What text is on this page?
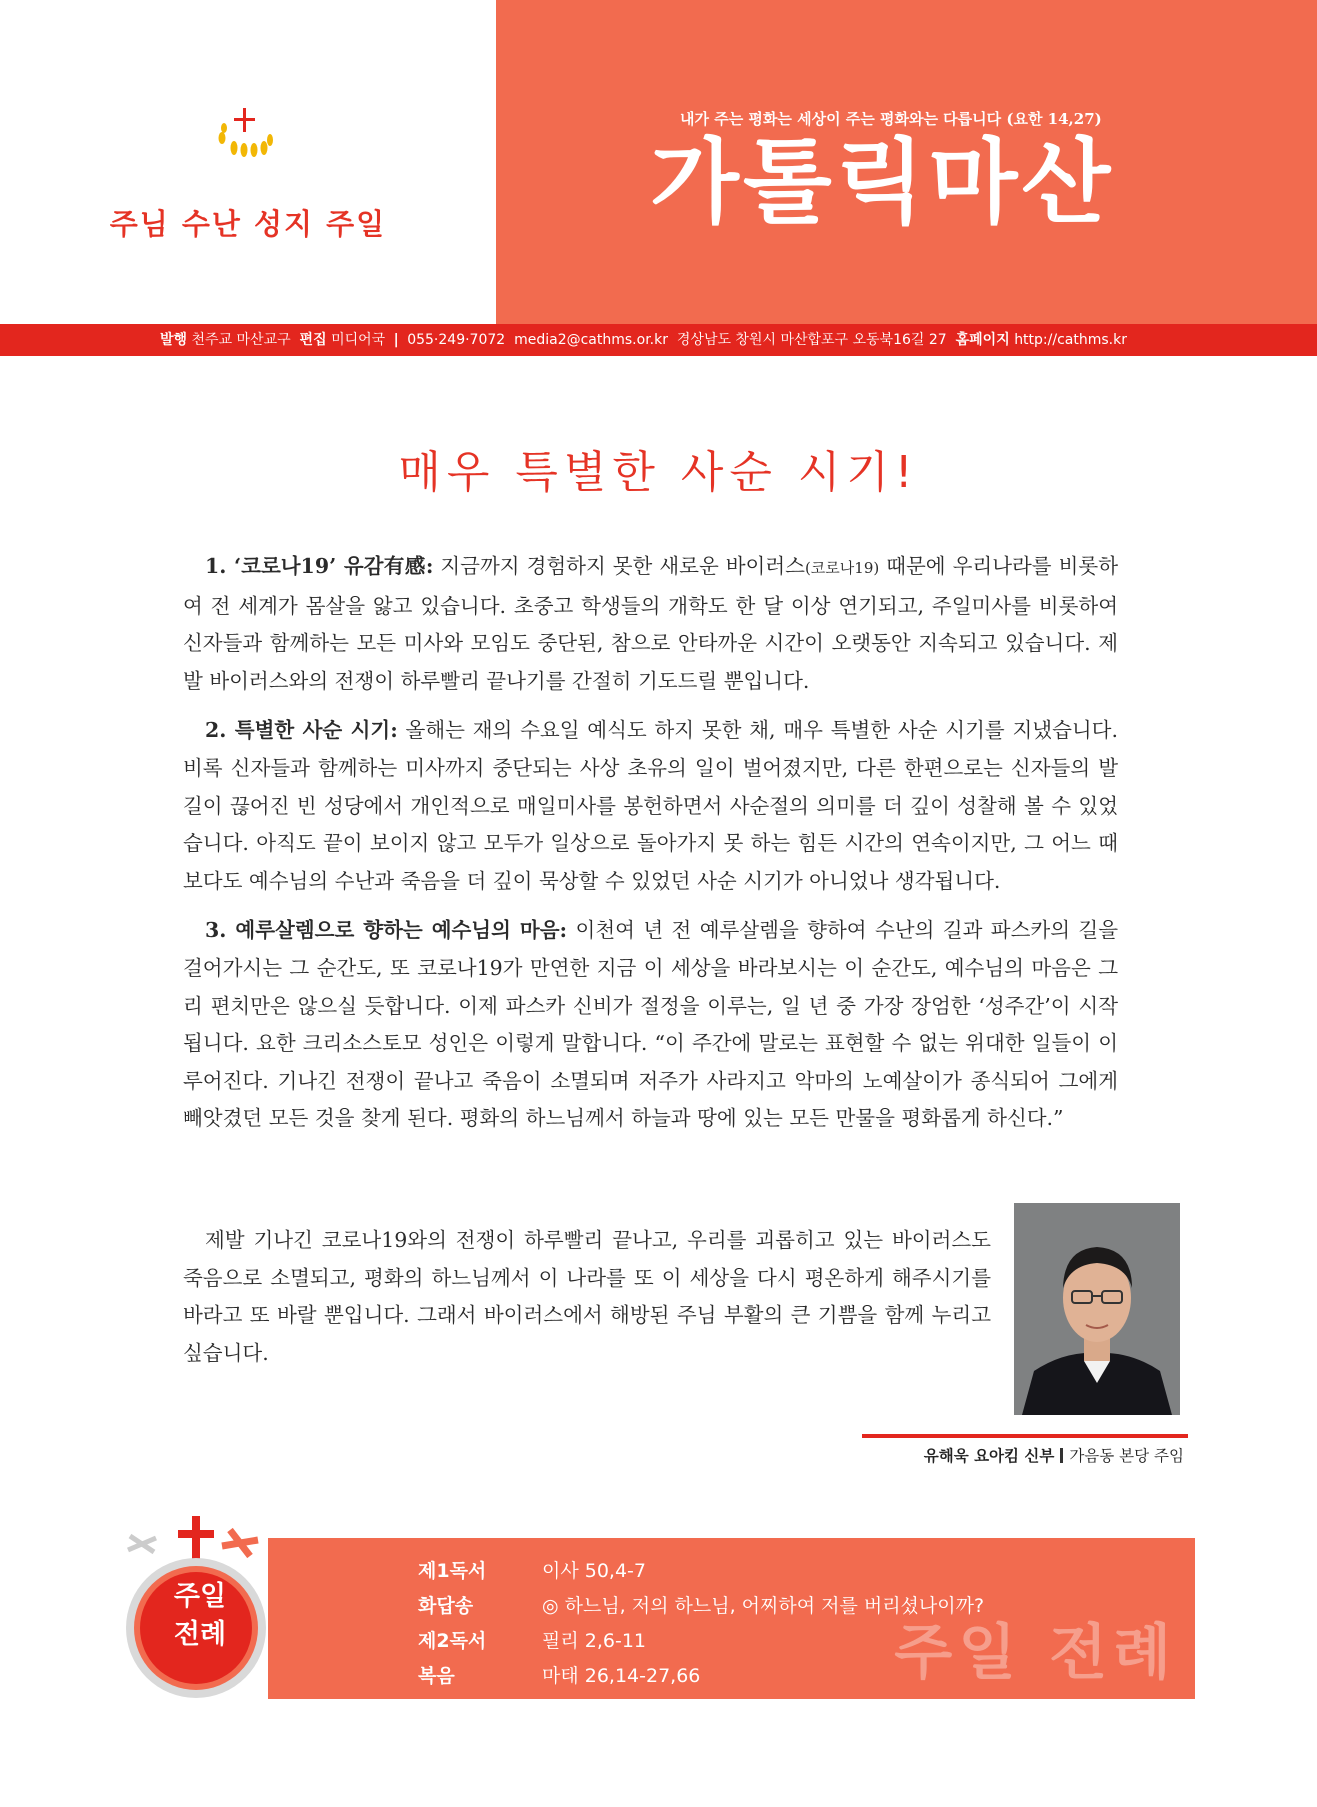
주님 수난 성지 주일
내가 주는 평화는 세상이 주는 평화와는 다릅니다 (요한 14,27)
가톨릭마산
발행 천주교 마산교구 편집 미디어국 | 055·249·7072 media2@cathms.or.kr 경상남도 창원시 마산합포구 오동북16길 27 홈페이지 http://cathms.kr
매우 특별한 사순 시기!

1. ‘코로나19’ 유감有感: 지금까지 경험하지 못한 새로운 바이러스(코로나19) 때문에 우리나라를 비롯하여 전 세계가 몸살을 앓고 있습니다. 초중고 학생들의 개학도 한 달 이상 연기되고, 주일미사를 비롯하여 신자들과 함께하는 모든 미사와 모임도 중단된, 참으로 안타까운 시간이 오랫동안 지속되고 있습니다. 제발 바이러스와의 전쟁이 하루빨리 끝나기를 간절히 기도드릴 뿐입니다.

2. 특별한 사순 시기: 올해는 재의 수요일 예식도 하지 못한 채, 매우 특별한 사순 시기를 지냈습니다. 비록 신자들과 함께하는 미사까지 중단되는 사상 초유의 일이 벌어졌지만, 다른 한편으로는 신자들의 발길이 끊어진 빈 성당에서 개인적으로 매일미사를 봉헌하면서 사순절의 의미를 더 깊이 성찰해 볼 수 있었습니다. 아직도 끝이 보이지 않고 모두가 일상으로 돌아가지 못 하는 힘든 시간의 연속이지만, 그 어느 때보다도 예수님의 수난과 죽음을 더 깊이 묵상할 수 있었던 사순 시기가 아니었나 생각됩니다.

3. 예루살렘으로 향하는 예수님의 마음: 이천여 년 전 예루살렘을 향하여 수난의 길과 파스카의 길을 걸어가시는 그 순간도, 또 코로나19가 만연한 지금 이 세상을 바라보시는 이 순간도, 예수님의 마음은 그리 편치만은 않으실 듯합니다. 이제 파스카 신비가 절정을 이루는, 일 년 중 가장 장엄한 ‘성주간’이 시작됩니다. 요한 크리소스토모 성인은 이렇게 말합니다. “이 주간에 말로는 표현할 수 없는 위대한 일들이 이루어진다. 기나긴 전쟁이 끝나고 죽음이 소멸되며 저주가 사라지고 악마의 노예살이가 종식되어 그에게 빼앗겼던 모든 것을 찾게 된다. 평화의 하느님께서 하늘과 땅에 있는 모든 만물을 평화롭게 하신다.”

제발 기나긴 코로나19와의 전쟁이 하루빨리 끝나고, 우리를 괴롭히고 있는 바이러스도 죽음으로 소멸되고, 평화의 하느님께서 이 나라를 또 이 세상을 다시 평온하게 해주시기를 바라고 또 바랄 뿐입니다. 그래서 바이러스에서 해방된 주님 부활의 큰 기쁨을 함께 누리고 싶습니다.

유해욱 요아킴 신부 가음동 본당 주임
제1독서	이사 50,4-7
화답송	◎ 하느님, 저의 하느님, 어찌하여 저를 버리셨나이까?
제2독서	필리 2,6-11
복음	마태 26,14-27,66	주일 전례
주일
전례
